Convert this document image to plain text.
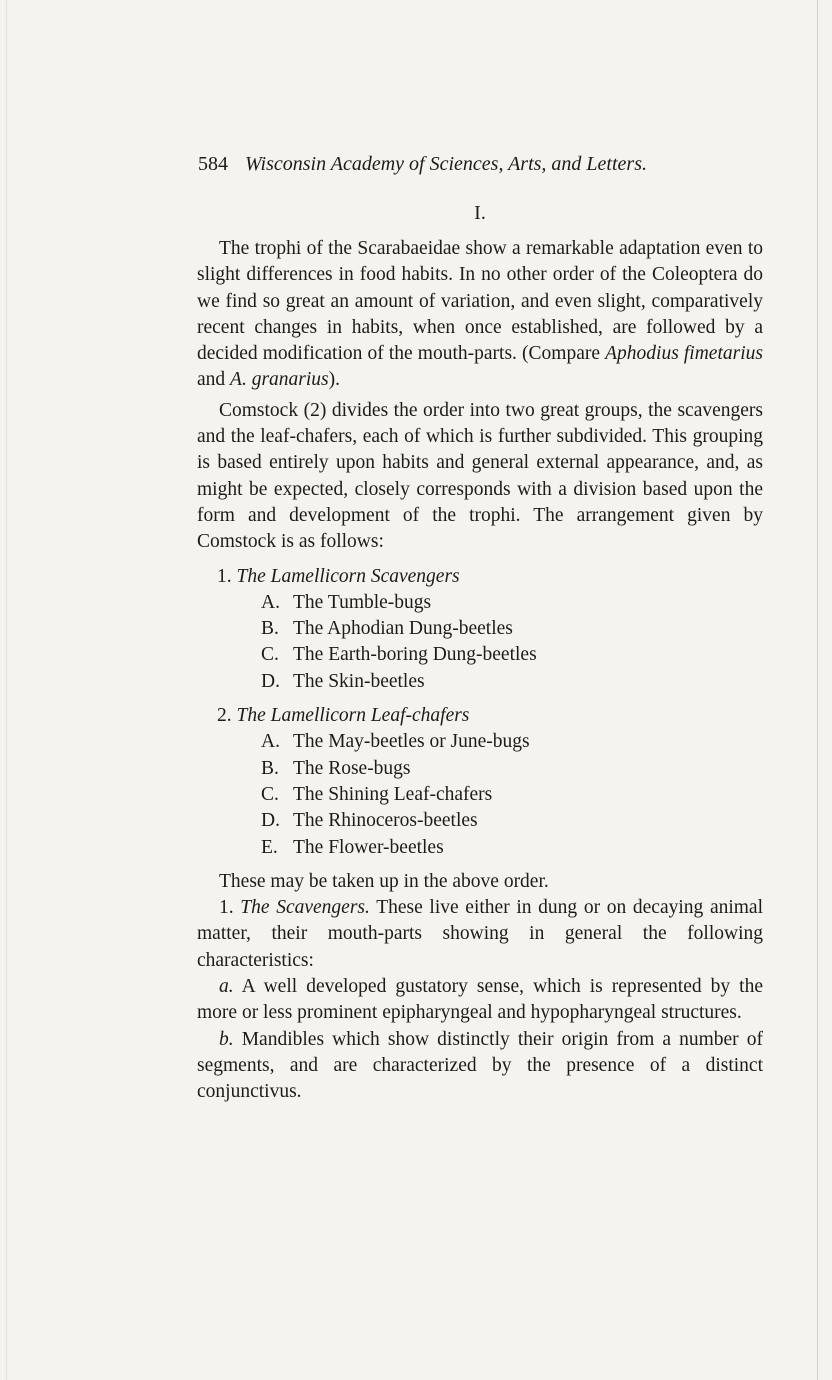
584 Wisconsin Academy of Sciences, Arts, and Letters.
I.

The trophi of the Scarabaeidae show a remarkable adaptation even to slight differences in food habits. In no other order of the Coleoptera do we find so great an amount of variation, and even slight, comparatively recent changes in habits, when once established, are followed by a decided modification of the mouth-parts. (Compare Aphodius fimetarius and A. granarius).

Comstock (2) divides the order into two great groups, the scavengers and the leaf-chafers, each of which is further subdivided. This grouping is based entirely upon habits and general external appearance, and, as might be expected, closely corresponds with a division based upon the form and development of the trophi. The arrangement given by Comstock is as follows:

1. The Lamellicorn Scavengers
A. The Tumble-bugs
B. The Aphodian Dung-beetles
C. The Earth-boring Dung-beetles
D. The Skin-beetles
2. The Lamellicorn Leaf-chafers
A. The May-beetles or June-bugs
B. The Rose-bugs
C. The Shining Leaf-chafers
D. The Rhinoceros-beetles
E. The Flower-beetles

These may be taken up in the above order.

1. The Scavengers. These live either in dung or on decaying animal matter, their mouth-parts showing in general the following characteristics:

a. A well developed gustatory sense, which is represented by the more or less prominent epipharyngeal and hypopharyngeal structures.

b. Mandibles which show distinctly their origin from a number of segments, and are characterized by the presence of a distinct conjunctivus.
